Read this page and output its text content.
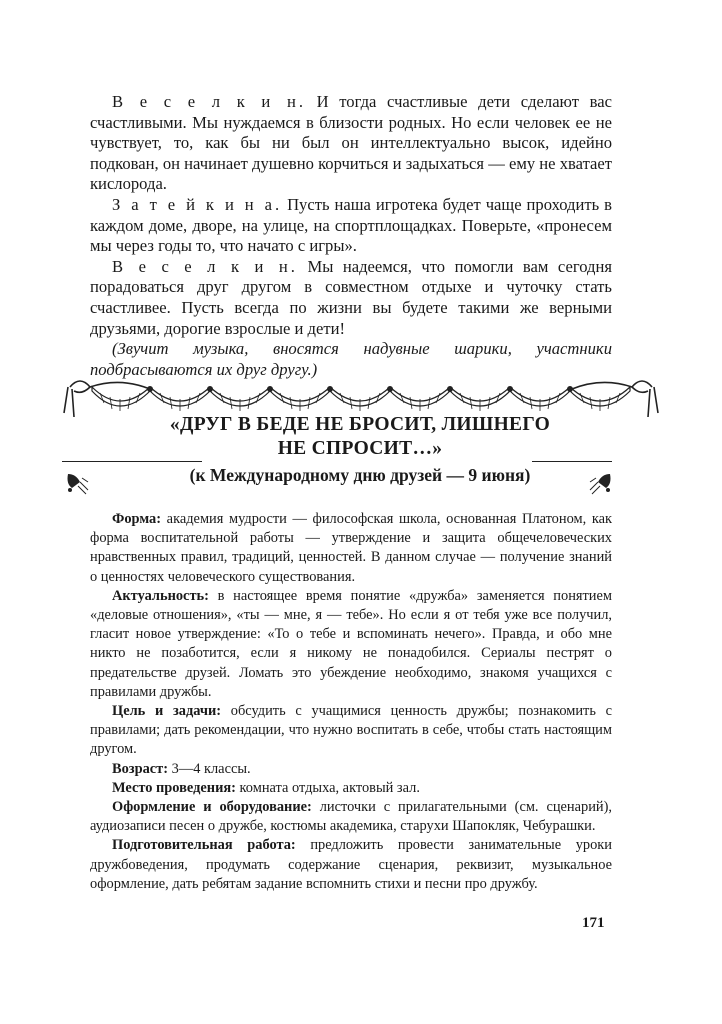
В е с е л к и н. И тогда счастливые дети сделают вас счастливыми. Мы нуждаемся в близости родных. Но если человек ее не чувствует, то, как бы ни был он интеллектуально высок, идейно подкован, он начинает душевно корчиться и задыхаться — ему не хватает кислорода.

З а т е й к и н а. Пусть наша игротека будет чаще проходить в каждом доме, дворе, на улице, на спортплощадках. Поверьте, «пронесем мы через годы то, что начато с игры».

В е с е л к и н. Мы надеемся, что помогли вам сегодня порадоваться друг другом в совместном отдыхе и чуточку стать счастливее. Пусть всегда по жизни вы будете такими же верными друзьями, дорогие взрослые и дети!

(Звучит музыка, вносятся надувные шарики, участники подбрасываются их друг другу.)

«ДРУГ В БЕДЕ НЕ БРОСИТ, ЛИШНЕГО
НЕ СПРОСИТ…»
(к Международному дню друзей — 9 июня)

Форма: академия мудрости — философская школа, основанная Платоном, как форма воспитательной работы — утверждение и защита общечеловеческих нравственных правил, традиций, ценностей. В данном случае — получение знаний о ценностях человеческого существования.

Актуальность: в настоящее время понятие «дружба» заменяется понятием «деловые отношения», «ты — мне, я — тебе». Но если я от тебя уже все получил, гласит новое утверждение: «То о тебе и вспоминать нечего». Правда, и обо мне никто не позаботится, если я никому не понадобился. Сериалы пестрят о предательстве друзей. Ломать это убеждение необходимо, знакомя учащихся с правилами дружбы.

Цель и задачи: обсудить с учащимися ценность дружбы; познакомить с правилами; дать рекомендации, что нужно воспитать в себе, чтобы стать настоящим другом.

Возраст: 3—4 классы.

Место проведения: комната отдыха, актовый зал.

Оформление и оборудование: листочки с прилагательными (см. сценарий), аудиозаписи песен о дружбе, костюмы академика, старухи Шапокляк, Чебурашки.

Подготовительная работа: предложить провести занимательные уроки дружбоведения, продумать содержание сценария, реквизит, музыкальное оформление, дать ребятам задание вспомнить стихи и песни про дружбу.

171
